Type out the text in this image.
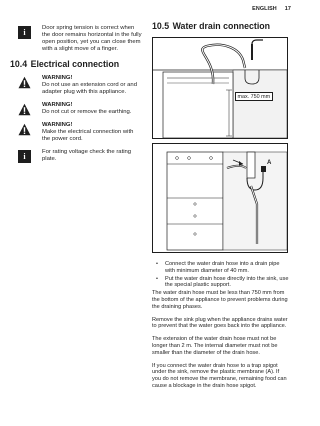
ENGLISH 17
i	Door spring tension is correct when the door remains horizontal in the fully open position, yet you can close them with a slight move of a finger.
10.4 Electrical connection
WARNING!
Do not use an extension cord or and adapter plug with this appliance.
WARNING!
Do not cut or remove the earthing.
WARNING!
Make the electrical connection with the power cord.
i	For rating voltage check the rating plate.
10.5 Water drain connection
max. 750 mm
A
• Connect the water drain hose into a drain pipe with minimum diameter of 40 mm.
• Put the water drain hose directly into the sink, use the special plastic support.

The water drain hose must be less than 750 mm from the bottom of the appliance to prevent problems during the draining phases.

Remove the sink plug when the appliance drains water to prevent that the water goes back into the appliance.

The extension of the water drain hose must not be longer than 2 m. The internal diameter must not be smaller than the diameter of the drain hose.

If you connect the water drain hose to a trap spigot under the sink, remove the plastic membrane (A). If you do not remove the membrane, remaining food can cause a blockage in the drain hose spigot.
